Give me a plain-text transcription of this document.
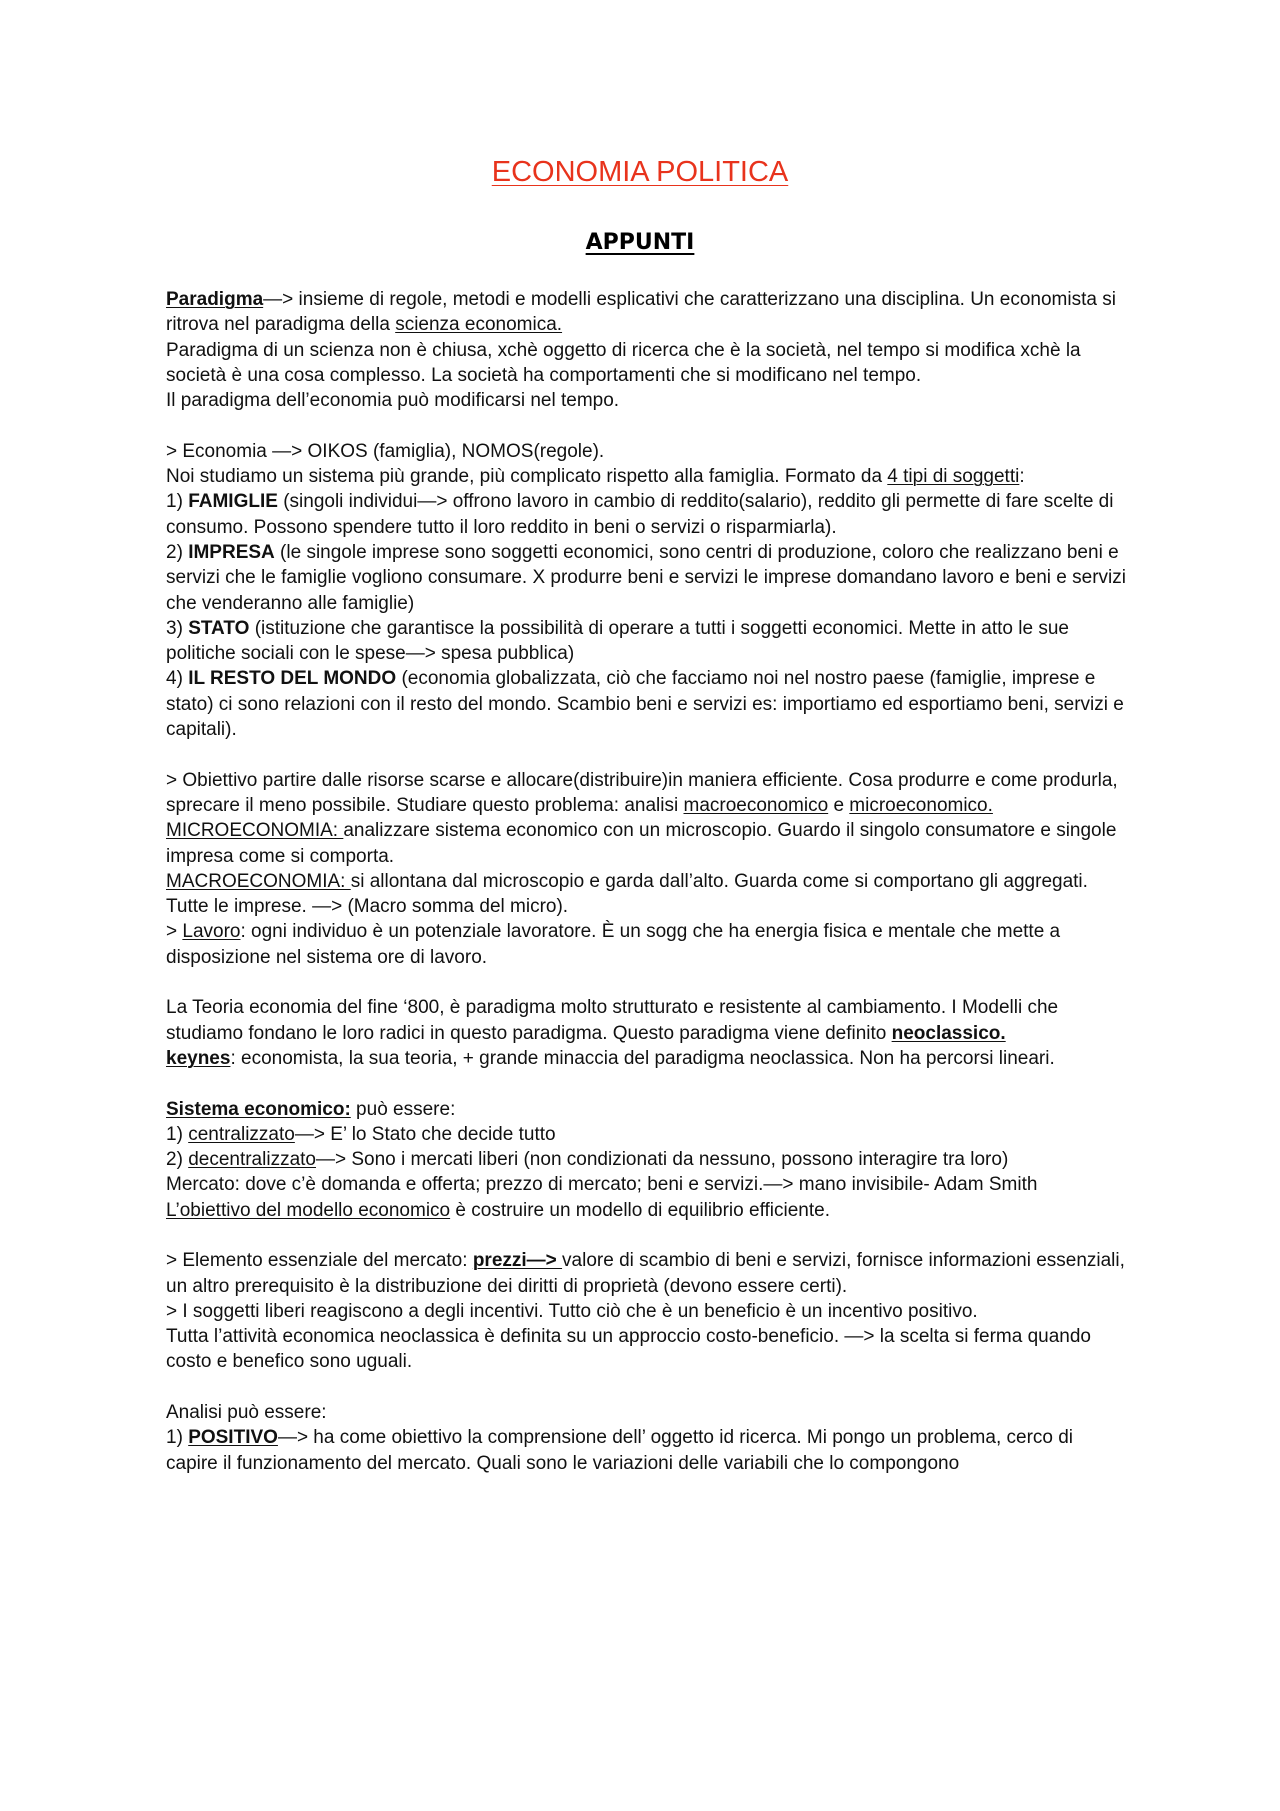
ECONOMIA POLITICA
APPUNTI

Paradigma—> insieme di regole, metodi e modelli esplicativi che caratterizzano una disciplina. Un economista si ritrova nel paradigma della scienza economica.

Paradigma di un scienza non è chiusa, xchè oggetto di ricerca che è la società, nel tempo si modifica xchè la società è una cosa complesso. La società ha comportamenti che si modificano nel tempo.

Il paradigma dell’economia può modificarsi nel tempo.

> Economia —> OIKOS (famiglia), NOMOS(regole).

Noi studiamo un sistema più grande, più complicato rispetto alla famiglia. Formato da 4 tipi di soggetti:

1) FAMIGLIE (singoli individui—> offrono lavoro in cambio di reddito(salario), reddito gli permette di fare scelte di consumo. Possono spendere tutto il loro reddito in beni o servizi o risparmiarla).

2) IMPRESA (le singole imprese sono soggetti economici, sono centri di produzione, coloro che realizzano beni e servizi che le famiglie vogliono consumare. X produrre beni e servizi le imprese domandano lavoro e beni e servizi che venderanno alle famiglie)

3) STATO (istituzione che garantisce la possibilità di operare a tutti i soggetti economici. Mette in atto le sue politiche sociali con le spese—> spesa pubblica)

4) IL RESTO DEL MONDO (economia globalizzata, ciò che facciamo noi nel nostro paese (famiglie, imprese e stato) ci sono relazioni con il resto del mondo. Scambio beni e servizi es: importiamo ed esportiamo beni, servizi e capitali).

> Obiettivo partire dalle risorse scarse e allocare(distribuire)in maniera efficiente. Cosa produrre e come produrla, sprecare il meno possibile. Studiare questo problema: analisi macroeconomico e microeconomico.

MICROECONOMIA: analizzare sistema economico con un microscopio. Guardo il singolo consumatore e singole impresa come si comporta.

MACROECONOMIA: si allontana dal microscopio e garda dall’alto. Guarda come si comportano gli aggregati. Tutte le imprese. —> (Macro somma del micro).

> Lavoro: ogni individuo è un potenziale lavoratore. È un sogg che ha energia fisica e mentale che mette a disposizione nel sistema ore di lavoro.

La Teoria economia del fine ‘800, è paradigma molto strutturato e resistente al cambiamento. I Modelli che studiamo fondano le loro radici in questo paradigma. Questo paradigma viene definito neoclassico.

keynes: economista, la sua teoria, + grande minaccia del paradigma neoclassica. Non ha percorsi lineari.

Sistema economico: può essere:

1) centralizzato—> E’ lo Stato che decide tutto

2) decentralizzato—> Sono i mercati liberi (non condizionati da nessuno, possono interagire tra loro)

Mercato: dove c’è domanda e offerta; prezzo di mercato; beni e servizi.—> mano invisibile- Adam Smith

L’obiettivo del modello economico è costruire un modello di equilibrio efficiente.

> Elemento essenziale del mercato: prezzi—> valore di scambio di beni e servizi, fornisce informazioni essenziali, un altro prerequisito è la distribuzione dei diritti di proprietà (devono essere certi).

> I soggetti liberi reagiscono a degli incentivi. Tutto ciò che è un beneficio è un incentivo positivo.

Tutta l’attività economica neoclassica è definita su un approccio costo-beneficio. —> la scelta si ferma quando costo e benefico sono uguali.

Analisi può essere:

1) POSITIVO—> ha come obiettivo la comprensione dell’ oggetto id ricerca. Mi pongo un problema, cerco di capire il funzionamento del mercato. Quali sono le variazioni delle variabili che lo compongono
